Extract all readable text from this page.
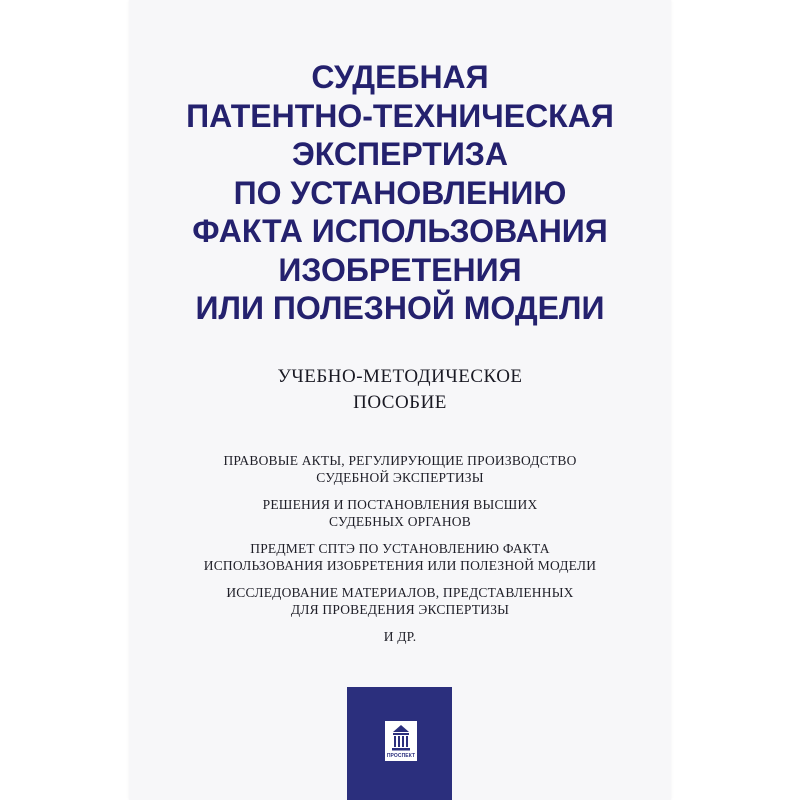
СУДЕБНАЯ
ПАТЕНТНО-ТЕХНИЧЕСКАЯ
ЭКСПЕРТИЗА
ПО УСТАНОВЛЕНИЮ
ФАКТА ИСПОЛЬЗОВАНИЯ
ИЗОБРЕТЕНИЯ
ИЛИ ПОЛЕЗНОЙ МОДЕЛИ
УЧЕБНО-МЕТОДИЧЕСКОЕ
ПОСОБИЕ
ПРАВОВЫЕ АКТЫ, РЕГУЛИРУЮЩИЕ ПРОИЗВОДСТВО
СУДЕБНОЙ ЭКСПЕРТИЗЫ
РЕШЕНИЯ И ПОСТАНОВЛЕНИЯ ВЫСШИХ
СУДЕБНЫХ ОРГАНОВ
ПРЕДМЕТ СПТЭ ПО УСТАНОВЛЕНИЮ ФАКТА
ИСПОЛЬЗОВАНИЯ ИЗОБРЕТЕНИЯ ИЛИ ПОЛЕЗНОЙ МОДЕЛИ
ИССЛЕДОВАНИЕ МАТЕРИАЛОВ, ПРЕДСТАВЛЕННЫХ
ДЛЯ ПРОВЕДЕНИЯ ЭКСПЕРТИЗЫ
И ДР.
ПРОСПЕКТ
